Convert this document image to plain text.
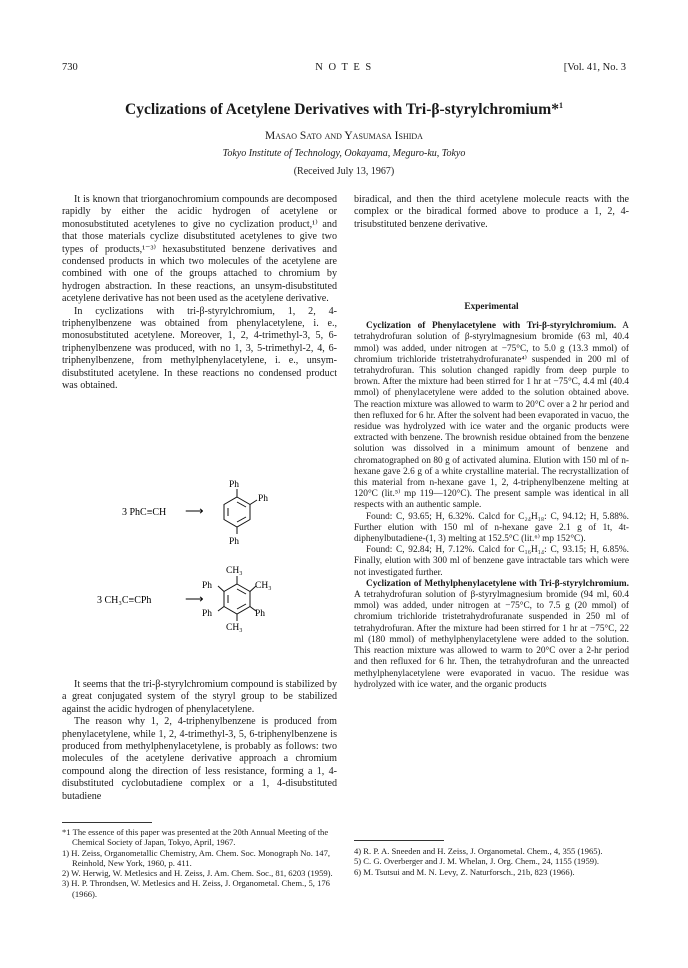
730	N O T E S	[Vol. 41, No. 3
Cyclizations of Acetylene Derivatives with Tri-β-styrylchromium*$^1$
Masao Sato and Yasumasa Ishida
Tokyo Institute of Technology, Ookayama, Meguro-ku, Tokyo
(Received July 13, 1967)

It is known that triorganochromium compounds are decomposed rapidly by either the acidic hydrogen of acetylene or monosubstituted acetylenes to give no cyclization product,¹⁾ and that those materials cyclize disubstituted acetylenes to give two types of products,¹⁻³⁾ hexasubstituted benzene derivatives and condensed products in which two molecules of the acetylene are combined with one of the groups attached to chromium by hydrogen abstraction. In these reactions, an unsym-disubstituted acetylene derivative has not been used as the acetylene derivative.

In cyclizations with tri-β-styrylchromium, 1, 2, 4-triphenylbenzene was obtained from phenylacetylene, i. e., monosubstituted acetylene. Moreover, 1, 2, 4-trimethyl-3, 5, 6-triphenylbenzene was produced, with no 1, 3, 5-trimethyl-2, 4, 6-triphenylbenzene, from methylphenylacetylene, i. e., unsym-disubstituted acetylene. In these reactions no condensed product was obtained.

3 PhC≡CH ⟶
Ph
Ph
Ph
3 CH₃C≡CPh	⟶
CH₃
Ph	CH₃
Ph	Ph
CH₃

It seems that the tri-β-styrylchromium compound is stabilized by a great conjugated system of the styryl group to be stabilized against the acidic hydrogen of phenylacetylene.

The reason why 1, 2, 4-triphenylbenzene is produced from phenylacetylene, while 1, 2, 4-trimethyl-3, 5, 6-triphenylbenzene is produced from methylphenylacetylene, is probably as follows: two molecules of the acetylene derivative approach a chromium compound along the direction of less resistance, forming a 1, 4-disubstituted cyclobutadiene complex or a 1, 4-disubstituted butadiene

biradical, and then the third acetylene molecule reacts with the complex or the biradical formed above to produce a 1, 2, 4-trisubstituted benzene derivative.

Experimental

Cyclization of Phenylacetylene with Tri-β-styrylchromium. A tetrahydrofuran solution of β-styrylmagnesium bromide (63 ml, 40.4 mmol) was added, under nitrogen at −75°C, to 5.0 g (13.3 mmol) of chromium trichloride tristetrahydrofuranate⁴⁾ suspended in 200 ml of tetrahydrofuran. This solution changed rapidly from deep purple to brown. After the mixture had been stirred for 1 hr at −75°C, 4.4 ml (40.4 mmol) of phenylacetylene were added to the solution obtained above. The reaction mixture was allowed to warm to 20°C over a 2 hr period and then refluxed for 6 hr. After the solvent had been evaporated in vacuo, the residue was hydrolyzed with ice water and the organic products were extracted with benzene. The brownish residue obtained from the benzene solution was dissolved in a minimum amount of benzene and chromatographed on 80 g of activated alumina. Elution with 150 ml of n-hexane gave 2.6 g of a white crystalline material. The recrystallization of this material from n-hexane gave 1, 2, 4-triphenylbenzene melting at 120°C (lit.⁵⁾ mp 119—120°C). The present sample was identical in all respects with an authentic sample.

Found: C, 93.65; H, 6.32%. Calcd for C₂₄H₁₈: C, 94.12; H, 5.88%. Further elution with 150 ml of n-hexane gave 2.1 g of 1t, 4t-diphenylbutadiene-(1, 3) melting at 152.5°C (lit.⁶⁾ mp 152°C).

Found: C, 92.84; H, 7.12%. Calcd for C₁₆H₁₄: C, 93.15; H, 6.85%. Finally, elution with 300 ml of benzene gave intractable tars which were not investigated further.

Cyclization of Methylphenylacetylene with Tri-β-styrylchromium. A tetrahydrofuran solution of β-styrylmagnesium bromide (94 ml, 60.4 mmol) was added, under nitrogen at −75°C, to 7.5 g (20 mmol) of chromium trichloride tristetrahydrofuranate suspended in 250 ml of tetrahydrofuran. After the mixture had been stirred for 1 hr at −75°C, 22 ml (180 mmol) of methylphenylacetylene were added to the solution. This reaction mixture was allowed to warm to 20°C over a 2-hr period and then refluxed for 6 hr. Then, the tetrahydrofuran and the unreacted methylphenylacetylene were evaporated in vacuo. The residue was hydrolyzed with ice water, and the organic products

*1 The essence of this paper was presented at the 20th Annual Meeting of the Chemical Society of Japan, Tokyo, April, 1967.
1) H. Zeiss, Organometallic Chemistry, Am. Chem. Soc. Monograph No. 147, Reinhold, New York, 1960, p. 411.
2) W. Herwig, W. Metlesics and H. Zeiss, J. Am. Chem. Soc., 81, 6203 (1959).
3) H. P. Throndsen, W. Metlesics and H. Zeiss, J. Organometal. Chem., 5, 176 (1966).
4) R. P. A. Sneeden and H. Zeiss, J. Organometal. Chem., 4, 355 (1965).
5) C. G. Overberger and J. M. Whelan, J. Org. Chem., 24, 1155 (1959).
6) M. Tsutsui and M. N. Levy, Z. Naturforsch., 21b, 823 (1966).
